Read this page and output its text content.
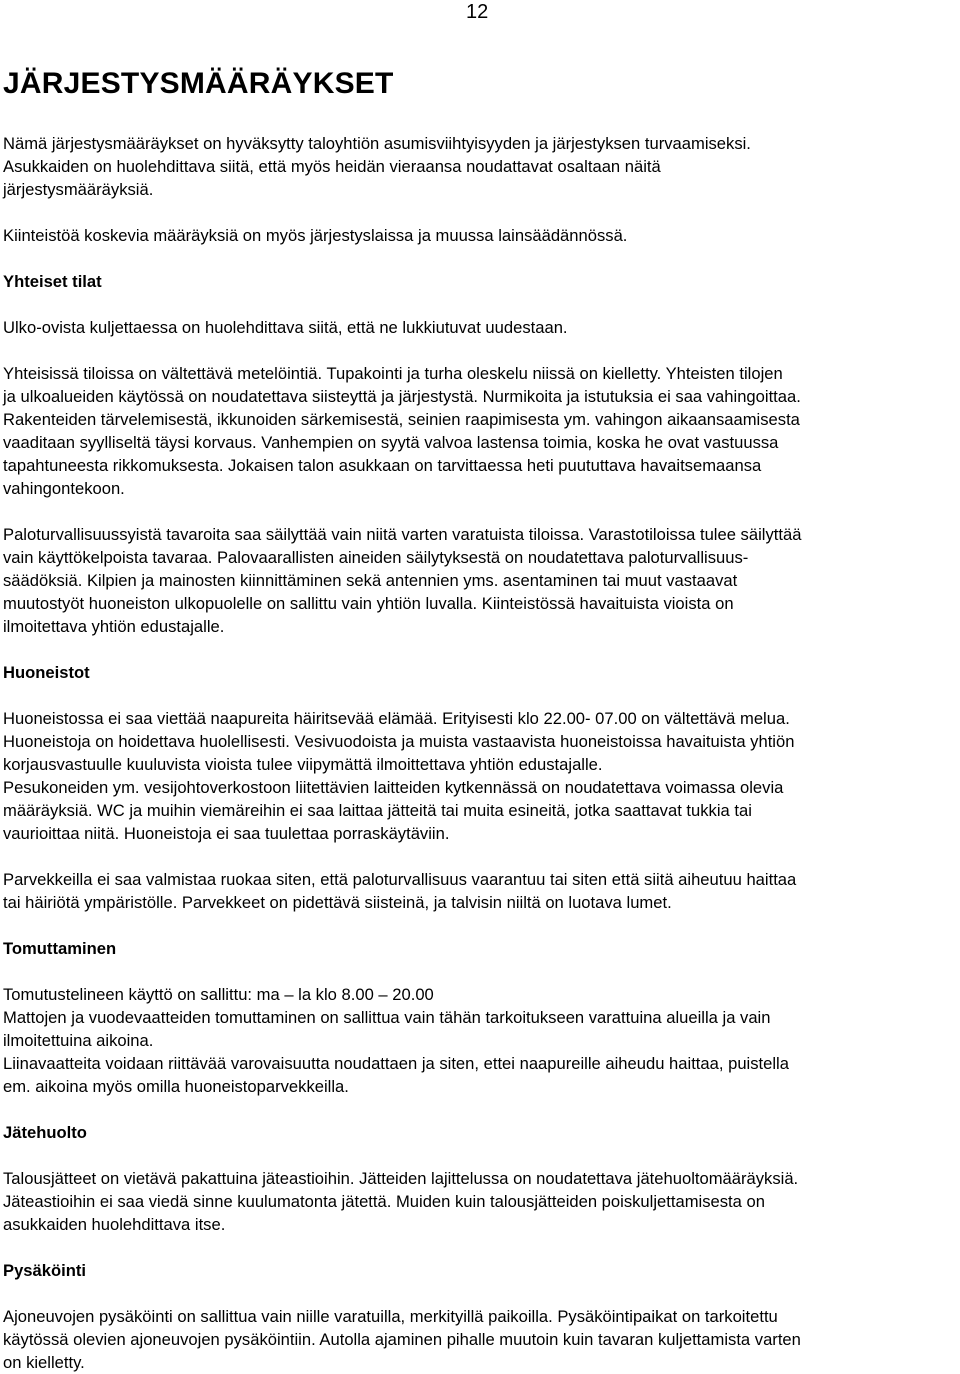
12
JÄRJESTYSMÄÄRÄYKSET

Nämä järjestysmääräykset on hyväksytty taloyhtiön asumisviihtyisyyden ja järjestyksen turvaamiseksi.

Asukkaiden on huolehdittava siitä, että myös heidän vieraansa noudattavat osaltaan näitä

järjestysmääräyksiä.

Kiinteistöä koskevia määräyksiä on myös järjestyslaissa ja muussa lainsäädännössä.

Yhteiset tilat

Ulko-ovista kuljettaessa on huolehdittava siitä, että ne lukkiutuvat uudestaan.

Yhteisissä tiloissa on vältettävä metelöintiä. Tupakointi ja turha oleskelu niissä on kielletty. Yhteisten tilojen

ja ulkoalueiden käytössä on noudatettava siisteyttä ja järjestystä. Nurmikoita ja istutuksia ei saa vahingoittaa.

Rakenteiden tärvelemisestä, ikkunoiden särkemisestä, seinien raapimisesta ym. vahingon aikaansaamisesta

vaaditaan syylliseltä täysi korvaus. Vanhempien on syytä valvoa lastensa toimia, koska he ovat vastuussa

tapahtuneesta rikkomuksesta. Jokaisen talon asukkaan on tarvittaessa heti puututtava havaitsemaansa

vahingontekoon.

Paloturvallisuussyistä tavaroita saa säilyttää vain niitä varten varatuista tiloissa. Varastotiloissa tulee säilyttää

vain käyttökelpoista tavaraa. Palovaarallisten aineiden säilytyksestä on noudatettava paloturvallisuus-

säädöksiä. Kilpien ja mainosten kiinnittäminen sekä antennien yms. asentaminen tai muut vastaavat

muutostyöt huoneiston ulkopuolelle on sallittu vain yhtiön luvalla. Kiinteistössä havaituista vioista on

ilmoitettava yhtiön edustajalle.

Huoneistot

Huoneistossa ei saa viettää naapureita häiritsevää elämää. Erityisesti klo 22.00- 07.00 on vältettävä melua.

Huoneistoja on hoidettava huolellisesti. Vesivuodoista ja muista vastaavista huoneistoissa havaituista yhtiön

korjausvastuulle kuuluvista vioista tulee viipymättä ilmoittettava yhtiön edustajalle.

Pesukoneiden ym. vesijohtoverkostoon liitettävien laitteiden kytkennässä on noudatettava voimassa olevia

määräyksiä. WC ja muihin viemäreihin ei saa laittaa jätteitä tai muita esineitä, jotka saattavat tukkia tai

vaurioittaa niitä. Huoneistoja ei saa tuulettaa porraskäytäviin.

Parvekkeilla ei saa valmistaa ruokaa siten, että paloturvallisuus vaarantuu tai siten että siitä aiheutuu haittaa

tai häiriötä ympäristölle. Parvekkeet on pidettävä siisteinä, ja talvisin niiltä on luotava lumet.

Tomuttaminen

Tomutustelineen käyttö on sallittu: ma – la klo 8.00 – 20.00

Mattojen ja vuodevaatteiden tomuttaminen on sallittua vain tähän tarkoitukseen varattuina alueilla ja vain

ilmoitettuina aikoina.

Liinavaatteita voidaan riittävää varovaisuutta noudattaen ja siten, ettei naapureille aiheudu haittaa, puistella

em. aikoina myös omilla huoneistoparvekkeilla.

Jätehuolto

Talousjätteet on vietävä pakattuina jäteastioihin. Jätteiden lajittelussa on noudatettava jätehuoltomääräyksiä.

Jäteastioihin ei saa viedä sinne kuulumatonta jätettä. Muiden kuin talousjätteiden poiskuljettamisesta on

asukkaiden huolehdittava itse.

Pysäköinti

Ajoneuvojen pysäköinti on sallittua vain niille varatuilla, merkityillä paikoilla. Pysäköintipaikat on tarkoitettu

käytössä olevien ajoneuvojen pysäköintiin. Autolla ajaminen pihalle muutoin kuin tavaran kuljettamista varten

on kielletty.
